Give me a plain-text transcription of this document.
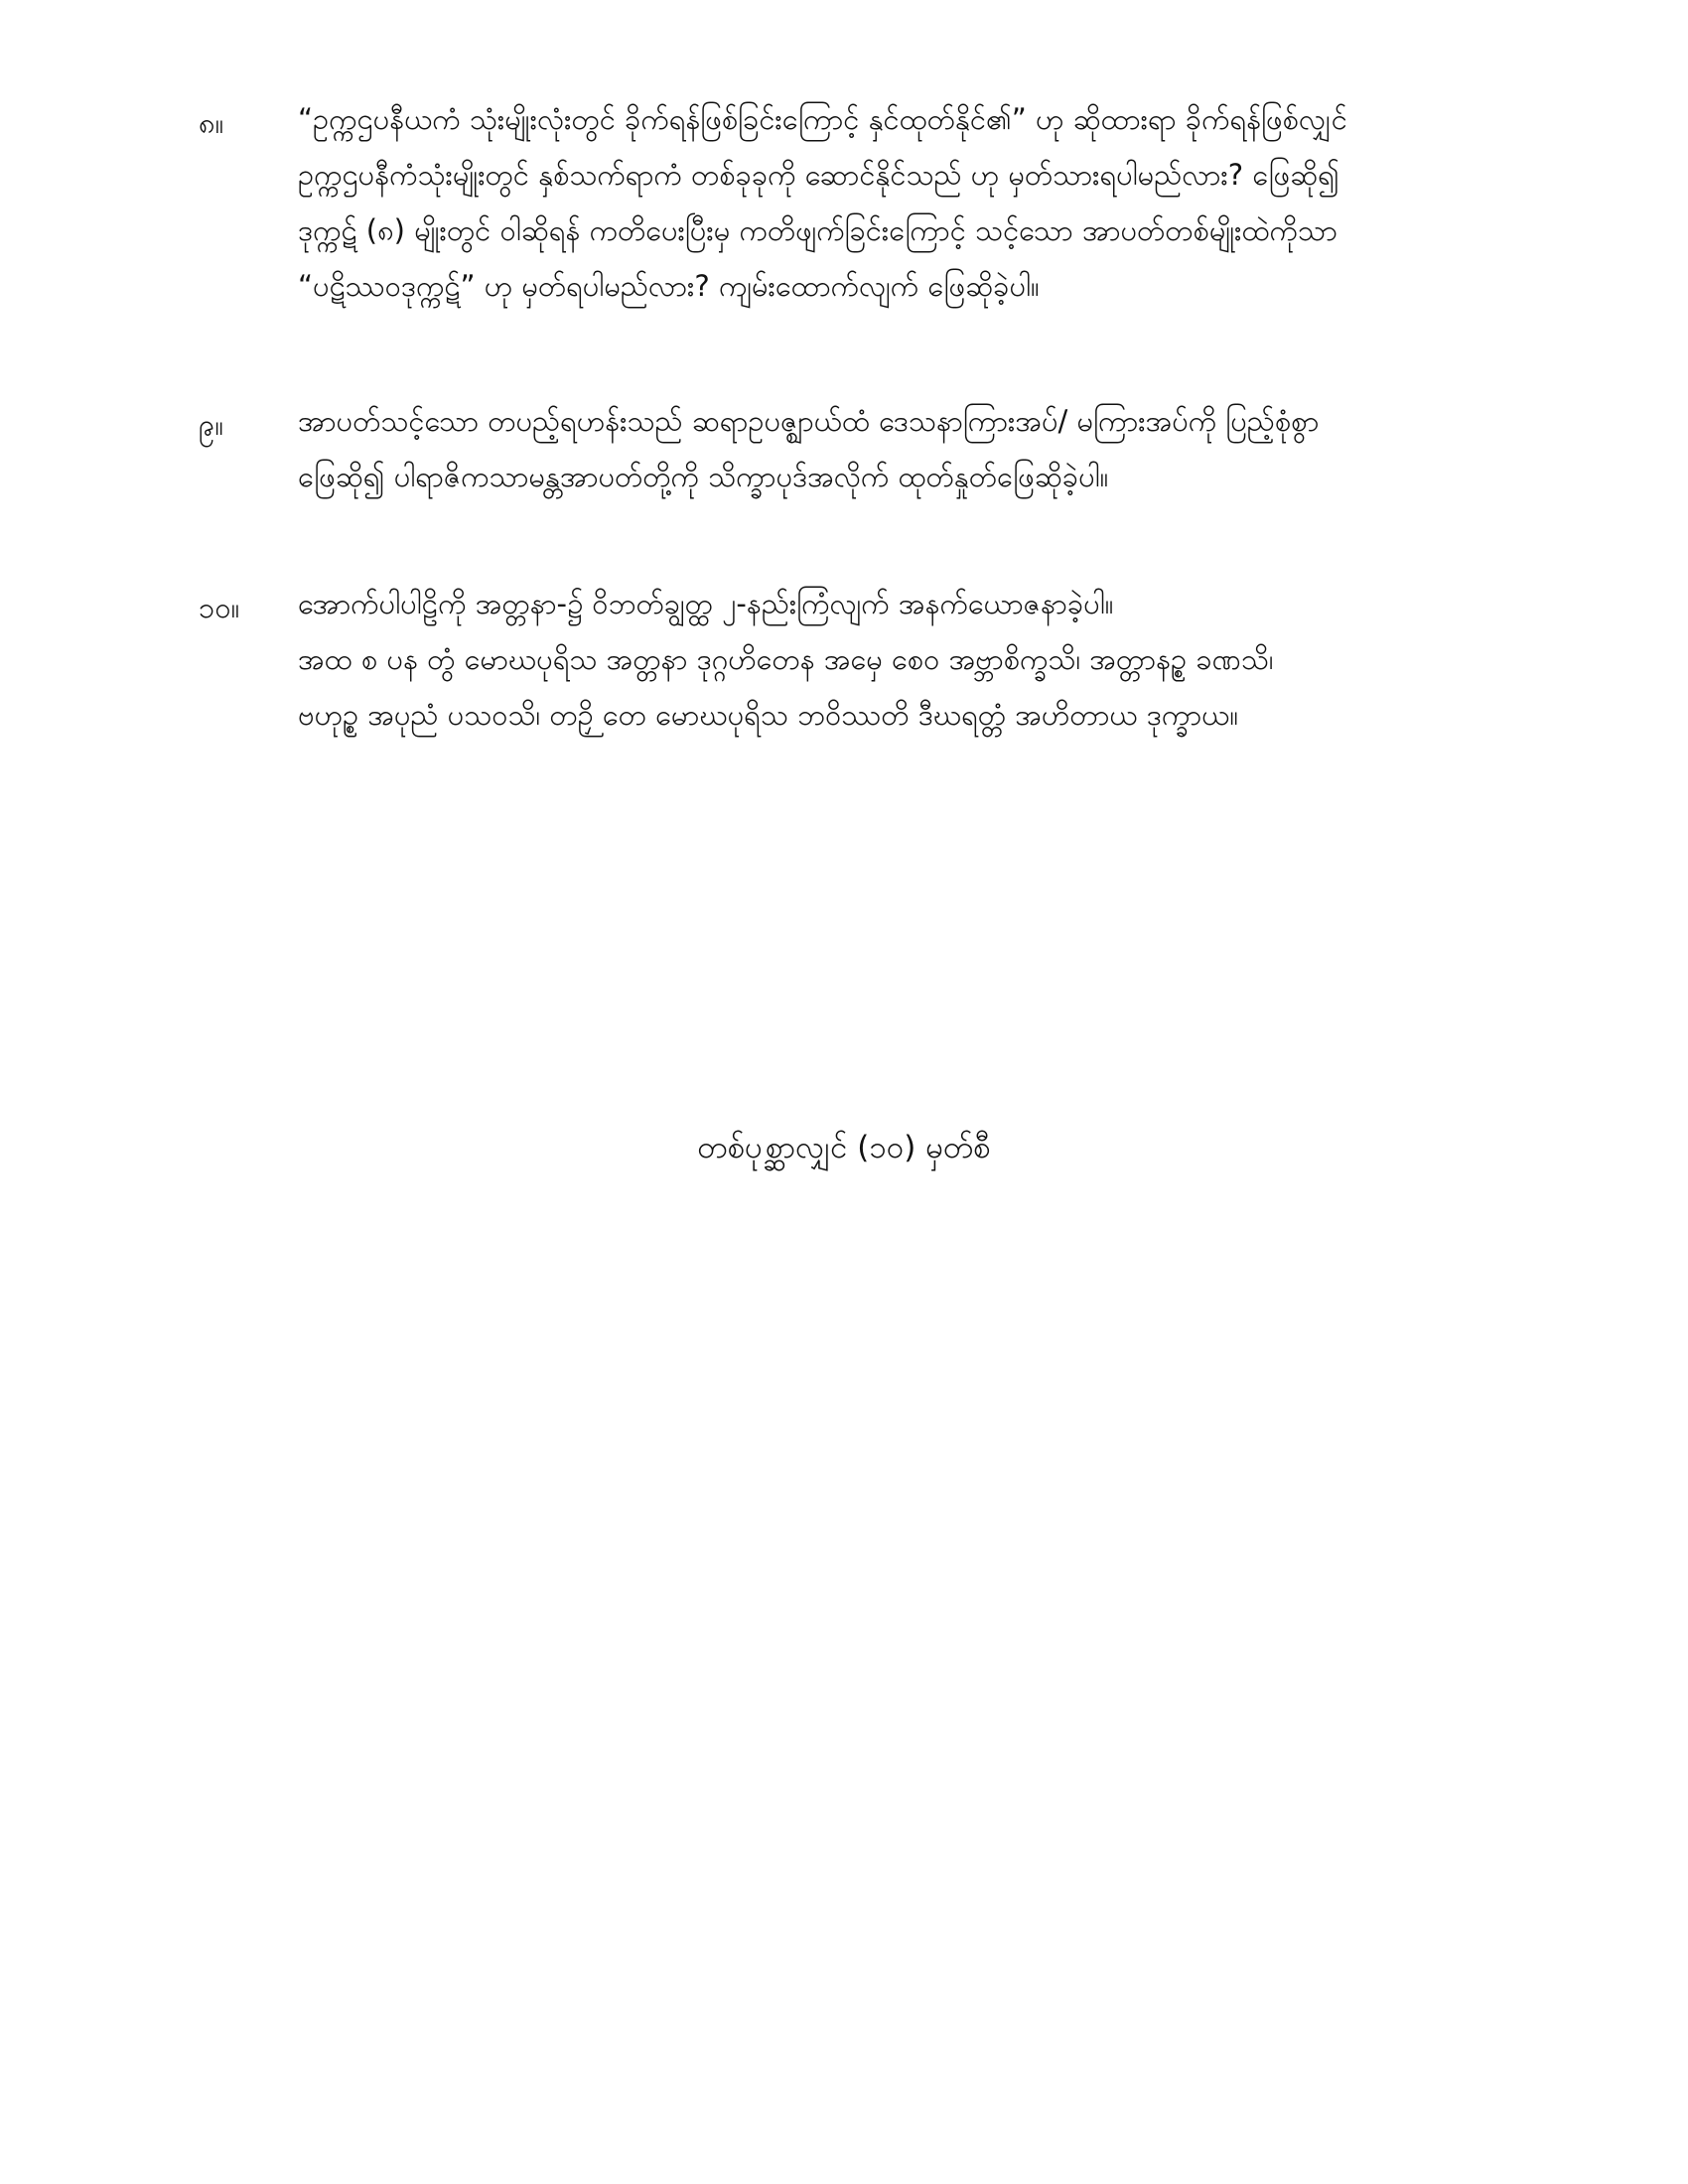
၈။	“ဥက္ကဌပနီယကံ သုံးမျိုးလုံးတွင် ခိုက်ရန်ဖြစ်ခြင်းကြောင့် နှင်ထုတ်နိုင်၏” ဟု ဆိုထားရာ ခိုက်ရန်ဖြစ်လျှင်
ဥက္ကဌပနီကံသုံးမျိုးတွင် နှစ်သက်ရာကံ တစ်ခုခုကို ဆောင်နိုင်သည် ဟု မှတ်သားရပါမည်လား? ဖြေဆို၍
ဒုက္ကဋ် (၈) မျိုးတွင် ဝါဆိုရန် ကတိပေးပြီးမှ ကတိဖျက်ခြင်းကြောင့် သင့်သော အာပတ်တစ်မျိုးထဲကိုသာ
“ပဋိဿဝဒုက္ကဋ်” ဟု မှတ်ရပါမည်လား? ကျမ်းထောက်လျက် ဖြေဆိုခဲ့ပါ။
၉။	အာပတ်သင့်သော တပည့်ရဟန်းသည် ဆရာဥပဇ္ဈာယ်ထံ ဒေသနာကြားအပ်/ မကြားအပ်ကို ပြည့်စုံစွာ
ဖြေဆို၍ ပါရာဇိကသာမန္တအာပတ်တို့ကို သိက္ခာပုဒ်အလိုက် ထုတ်နှုတ်ဖြေဆိုခဲ့ပါ။
၁၀။	အောက်ပါပါဠိကို အတ္တနာ-၌ ဝိဘတ်ချွတ္ထ ၂-နည်းကြံလျက် အနက်ယောဇနာခဲ့ပါ။
အထ စ ပန တွံ မောဃပုရိသ အတ္တနာ ဒုဂ္ဂဟိတေန အမှေ စေဝ အဗ္ဘာစိက္ခသိ၊ အတ္တာနဉ္စ ခဏသိ၊
ဗဟုဉ္စ အပုညံ ပသဝသိ၊ တဉှိ တေ မောဃပုရိသ ဘဝိဿတိ ဒီဃရတ္တံ အဟိတာယ ဒုက္ခာယ။
တစ်ပုစ္ဆာလျှင် (၁၀) မှတ်စီ
